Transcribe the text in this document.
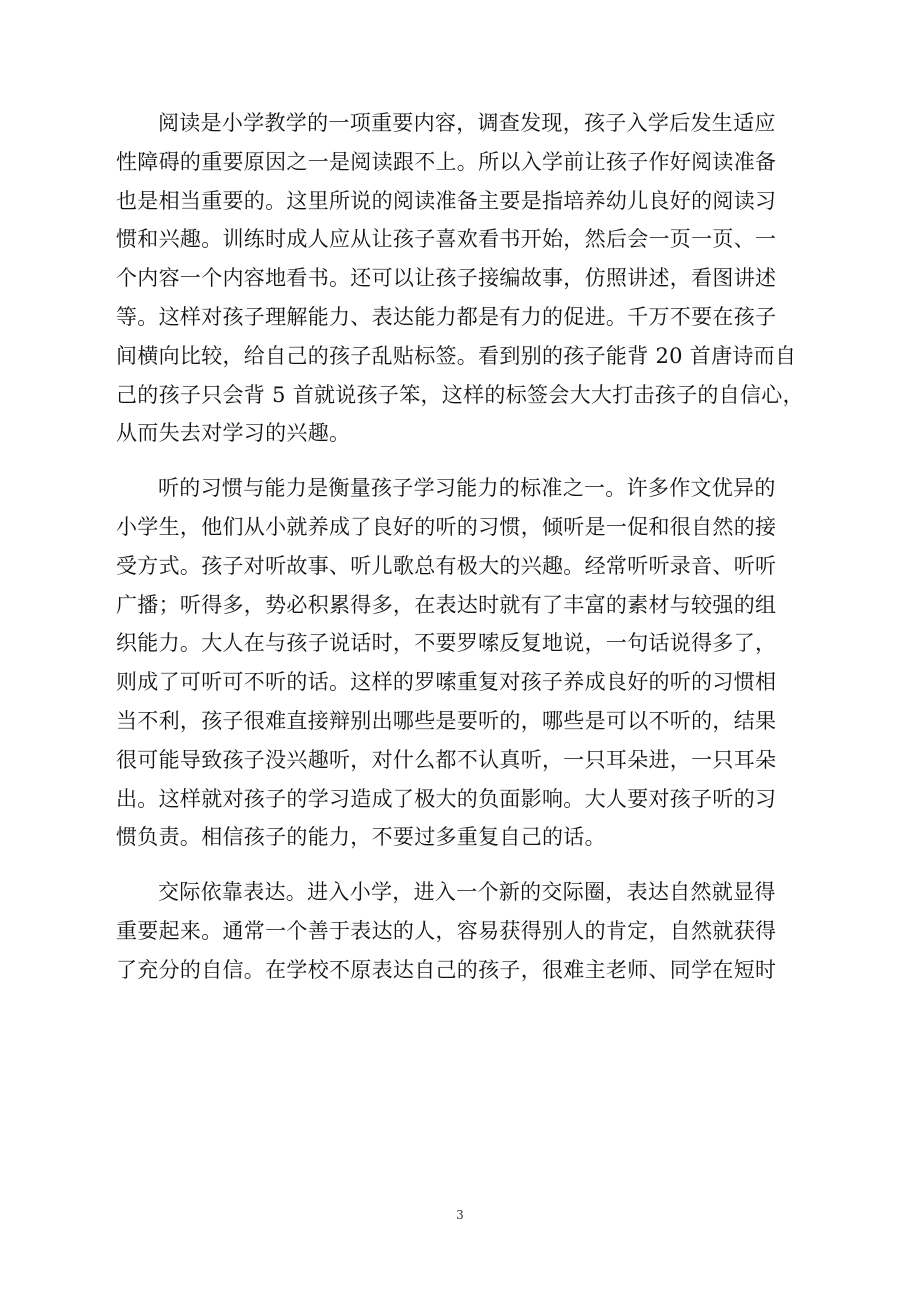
阅读是小学教学的一项重要内容，调查发现，孩子入学后发生适应
性障碍的重要原因之一是阅读跟不上。所以入学前让孩子作好阅读准备
也是相当重要的。这里所说的阅读准备主要是指培养幼儿良好的阅读习
惯和兴趣。训练时成人应从让孩子喜欢看书开始，然后会一页一页、一
个内容一个内容地看书。还可以让孩子接编故事，仿照讲述，看图讲述
等。这样对孩子理解能力、表达能力都是有力的促进。千万不要在孩子
间横向比较，给自己的孩子乱贴标签。看到别的孩子能背 20 首唐诗而自
己的孩子只会背 5 首就说孩子笨，这样的标签会大大打击孩子的自信心，
从而失去对学习的兴趣。

听的习惯与能力是衡量孩子学习能力的标准之一。许多作文优异的
小学生，他们从小就养成了良好的听的习惯，倾听是一促和很自然的接
受方式。孩子对听故事、听儿歌总有极大的兴趣。经常听听录音、听听
广播；听得多，势必积累得多，在表达时就有了丰富的素材与较强的组
织能力。大人在与孩子说话时，不要罗嗦反复地说，一句话说得多了，
则成了可听可不听的话。这样的罗嗦重复对孩子养成良好的听的习惯相
当不利，孩子很难直接辩别出哪些是要听的，哪些是可以不听的，结果
很可能导致孩子没兴趣听，对什么都不认真听，一只耳朵进，一只耳朵
出。这样就对孩子的学习造成了极大的负面影响。大人要对孩子听的习
惯负责。相信孩子的能力，不要过多重复自己的话。

交际依靠表达。进入小学，进入一个新的交际圈，表达自然就显得
重要起来。通常一个善于表达的人，容易获得别人的肯定，自然就获得
了充分的自信。在学校不原表达自己的孩子，很难主老师、同学在短时

3
